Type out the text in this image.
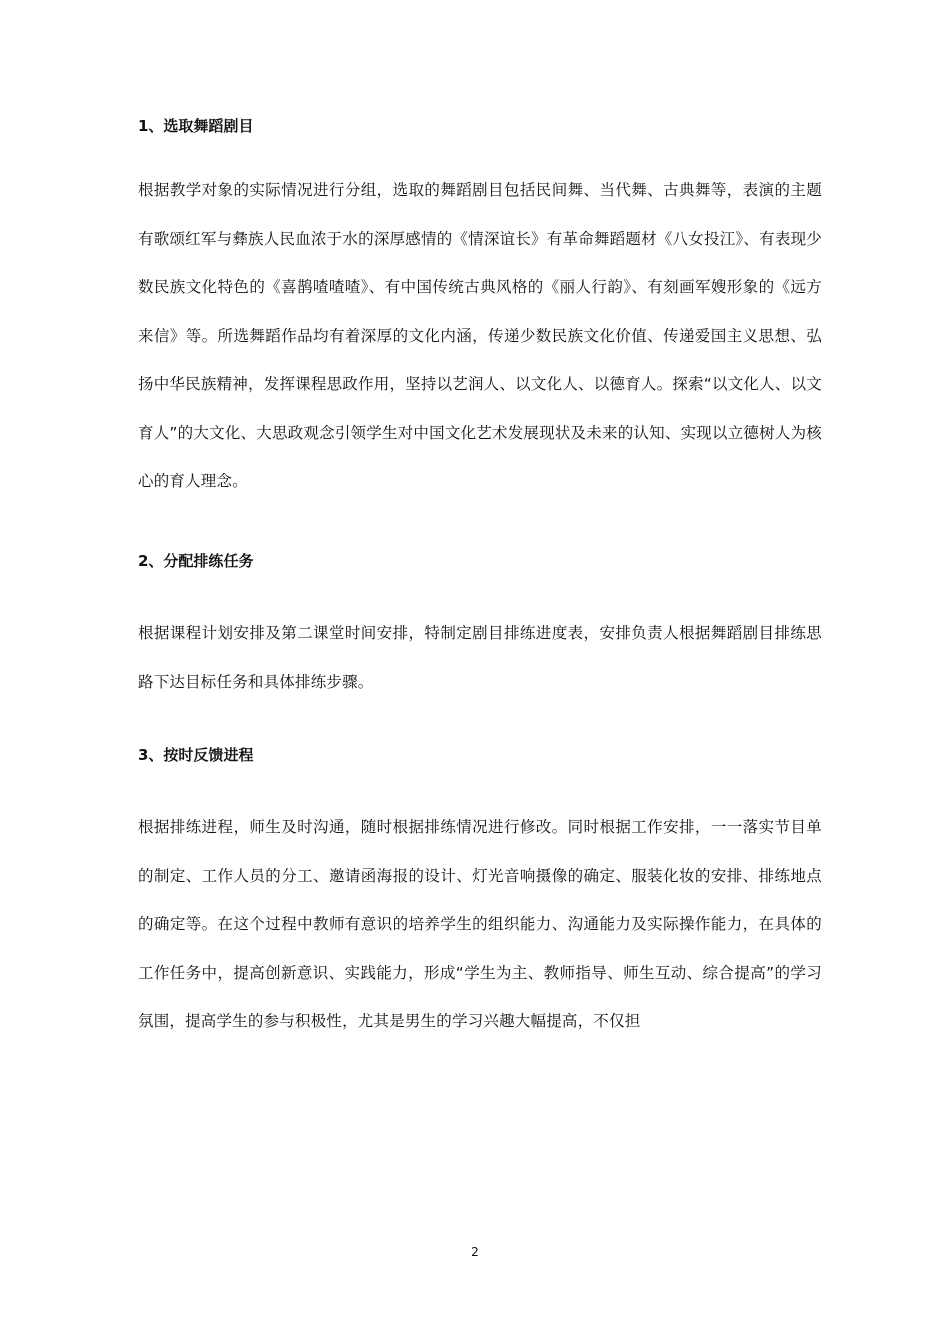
1、选取舞蹈剧目
根据教学对象的实际情况进行分组，选取的舞蹈剧目包括民间舞、当代舞、古典舞等，表演的主题有歌颂红军与彝族人民血浓于水的深厚感情的《情深谊长》有革命舞蹈题材《八女投江》、有表现少数民族文化特色的《喜鹊喳喳喳》、有中国传统古典风格的《丽人行韵》、有刻画军嫂形象的《远方来信》等。所选舞蹈作品均有着深厚的文化内涵，传递少数民族文化价值、传递爱国主义思想、弘扬中华民族精神，发挥课程思政作用，坚持以艺润人、以文化人、以德育人。探索“以文化人、以文育人”的大文化、大思政观念引领学生对中国文化艺术发展现状及未来的认知、实现以立德树人为核心的育人理念。
2、分配排练任务
根据课程计划安排及第二课堂时间安排，特制定剧目排练进度表，安排负责人根据舞蹈剧目排练思路下达目标任务和具体排练步骤。
3、按时反馈进程
根据排练进程，师生及时沟通，随时根据排练情况进行修改。同时根据工作安排，一一落实节目单的制定、工作人员的分工、邀请函海报的设计、灯光音响摄像的确定、服装化妆的安排、排练地点的确定等。在这个过程中教师有意识的培养学生的组织能力、沟通能力及实际操作能力，在具体的工作任务中，提高创新意识、实践能力，形成“学生为主、教师指导、师生互动、综合提高”的学习氛围，提高学生的参与积极性，尤其是男生的学习兴趣大幅提高，不仅担
2
